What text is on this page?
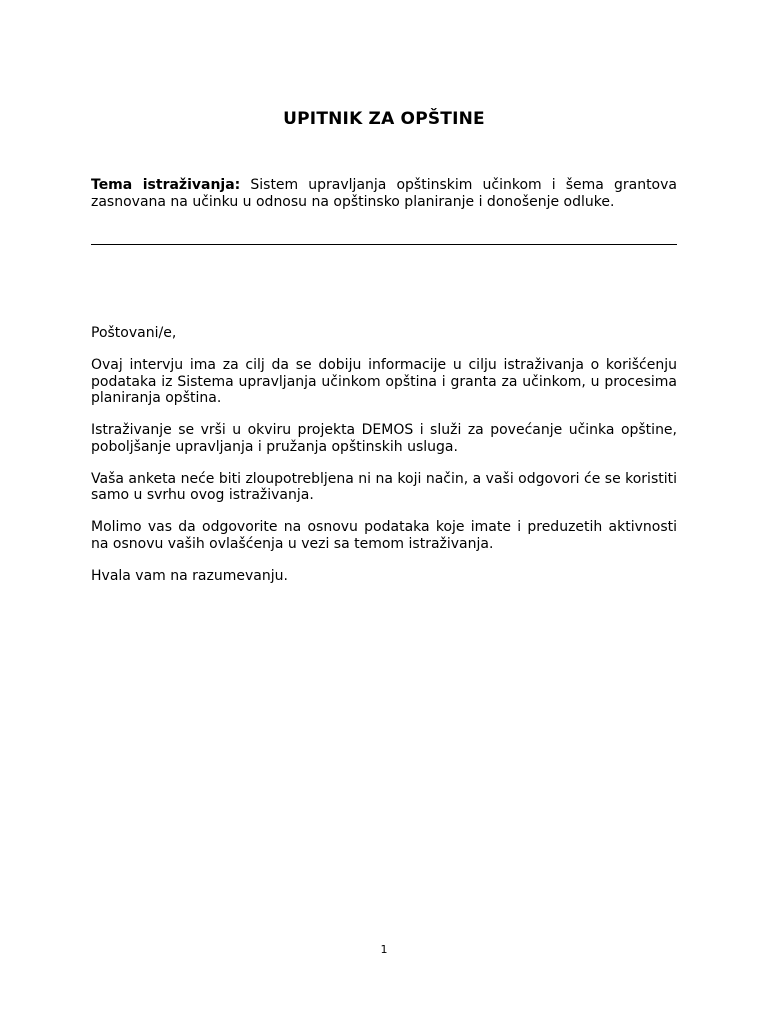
UPITNIK ZA OPŠTINE
Tema istraživanja: Sistem upravljanja opštinskim učinkom i šema grantova zasnovana na učinku u odnosu na opštinsko planiranje i donošenje odluke.

Poštovani/e,

Ovaj intervju ima za cilj da se dobiju informacije u cilju istraživanja o korišćenju podataka iz Sistema upravljanja učinkom opština i granta za učinkom, u procesima planiranja opština.

Istraživanje se vrši u okviru projekta DEMOS i služi za povećanje učinka opštine, poboljšanje upravljanja i pružanja opštinskih usluga.

Vaša anketa neće biti zloupotrebljena ni na koji način, a vaši odgovori će se koristiti samo u svrhu ovog istraživanja.

Molimo vas da odgovorite na osnovu podataka koje imate i preduzetih aktivnosti na osnovu vaših ovlašćenja u vezi sa temom istraživanja.

Hvala vam na razumevanju.

1
